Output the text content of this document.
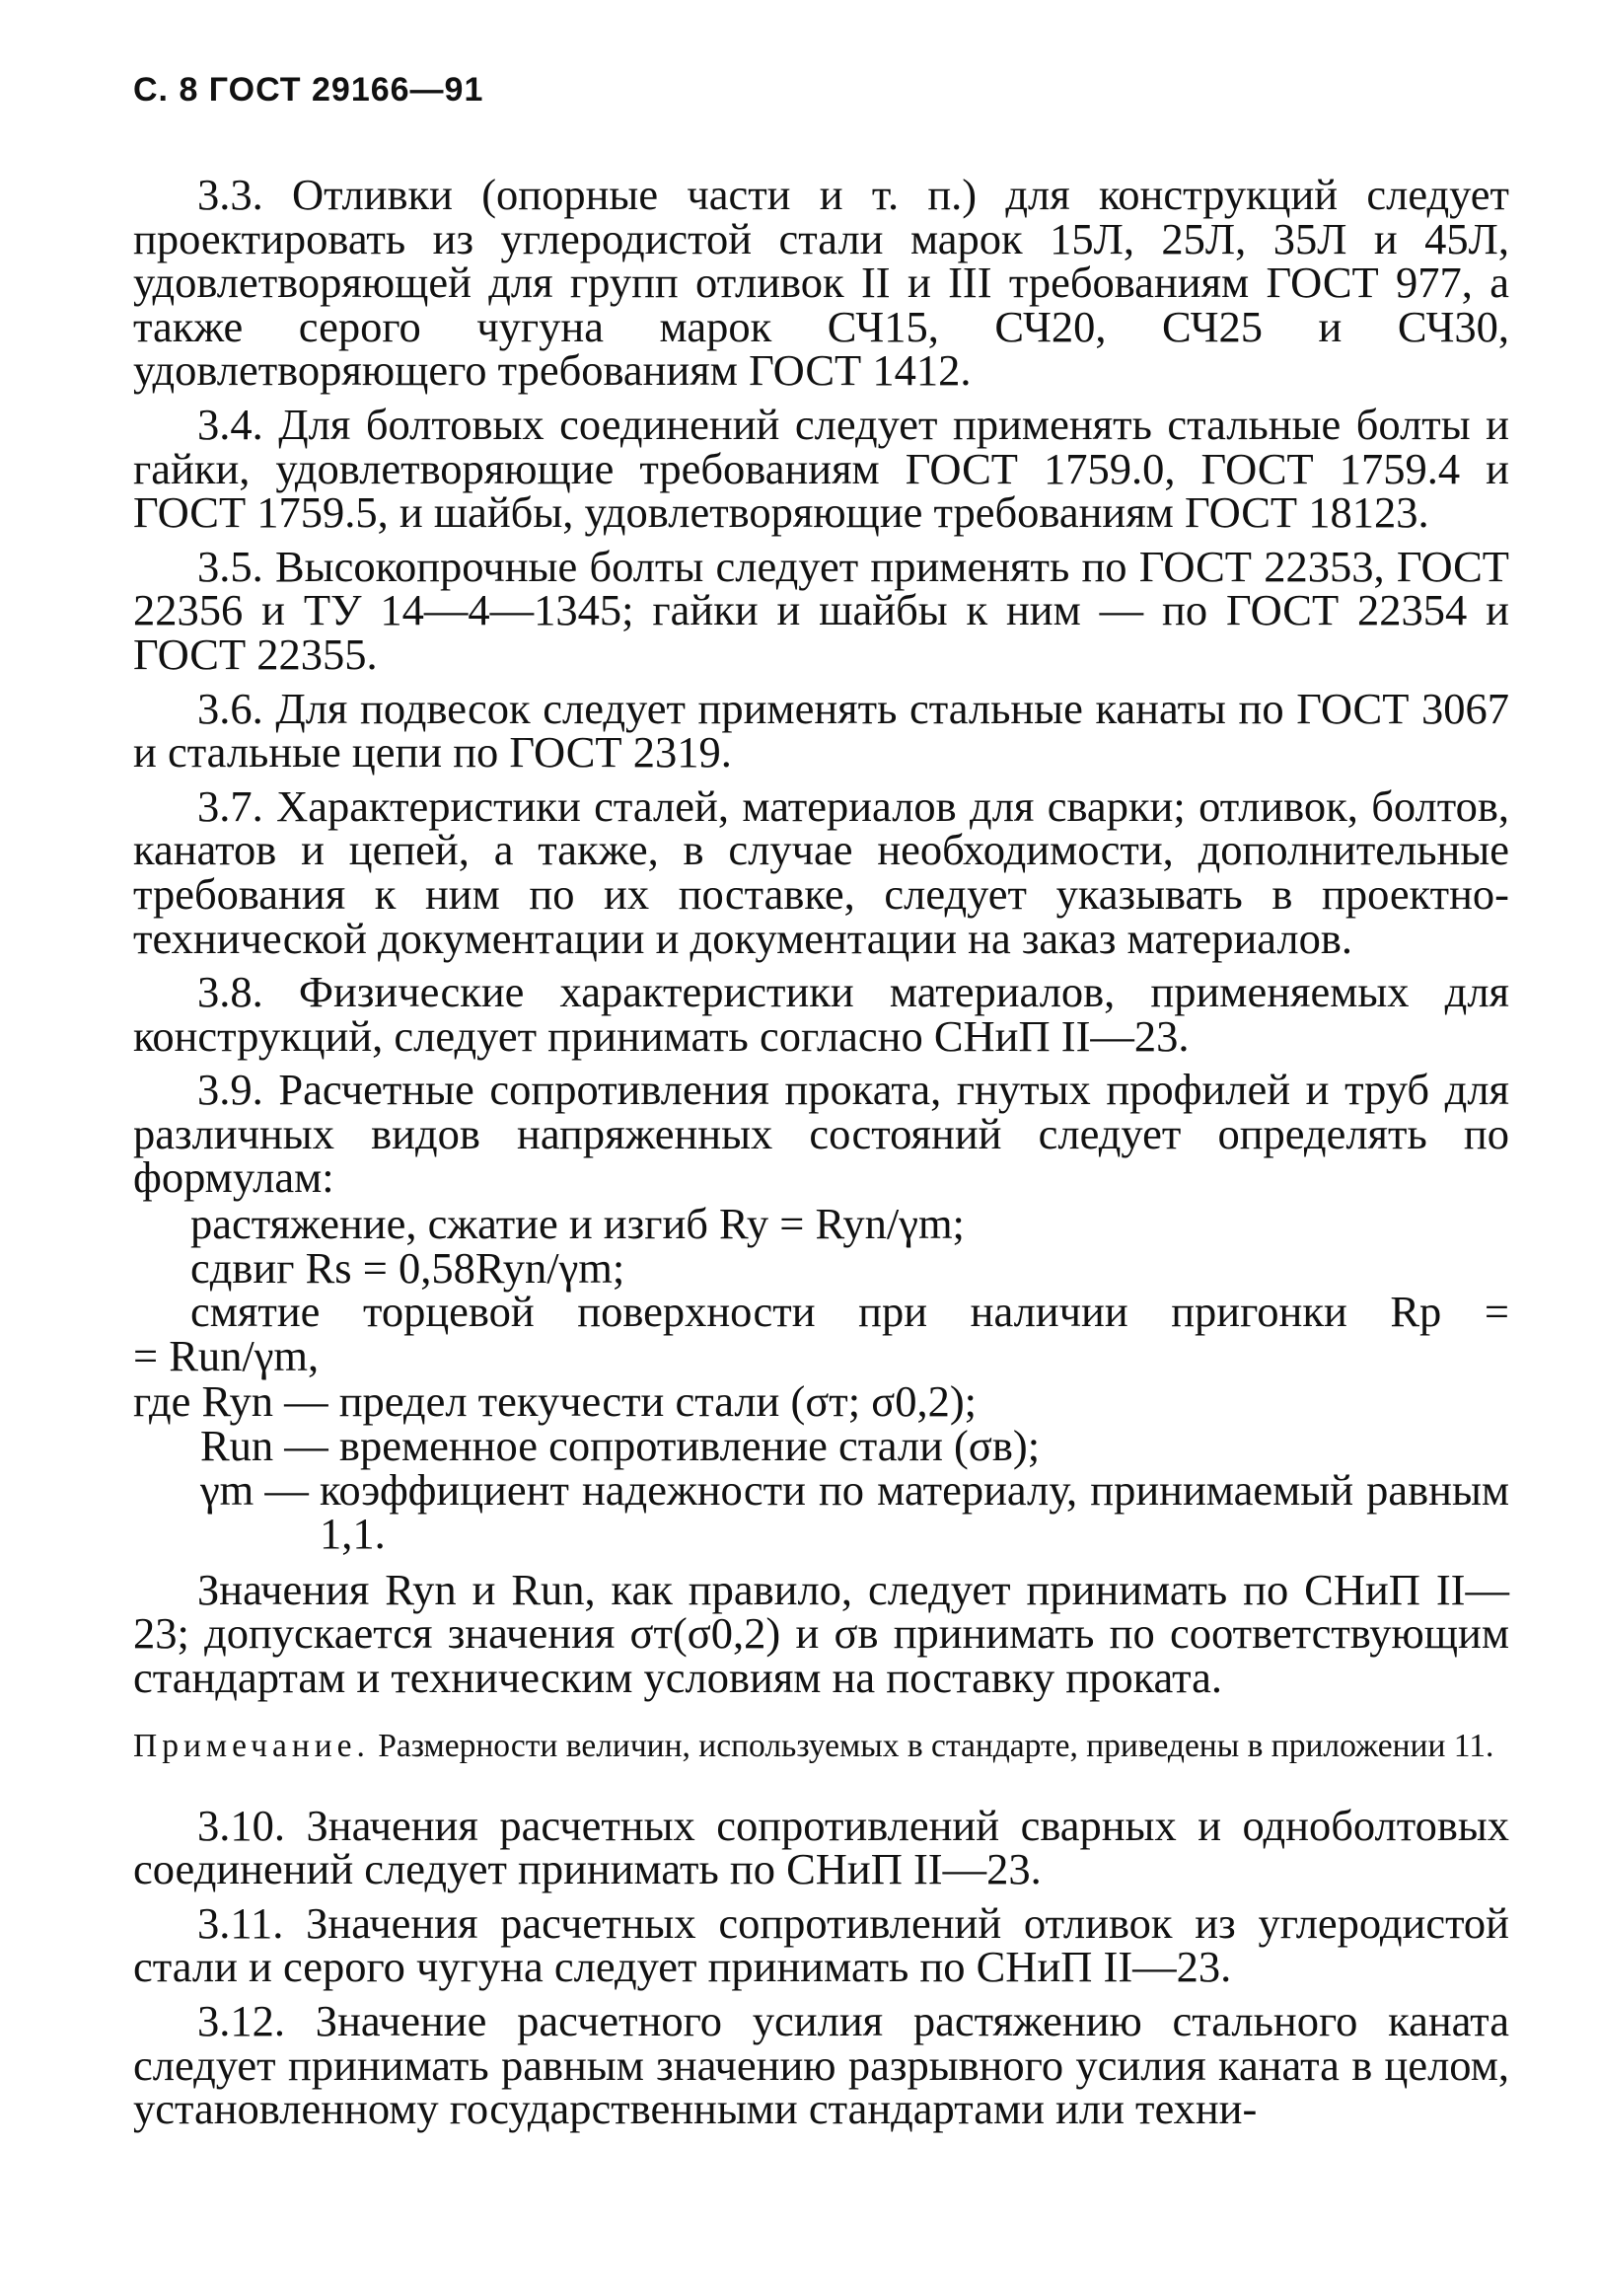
С. 8 ГОСТ 29166—91

3.3. Отливки (опорные части и т. п.) для конструкций следует проектировать из углеродистой стали марок 15Л, 25Л, 35Л и 45Л, удовлетворяющей для групп отливок II и III требованиям ГОСТ 977, а также серого чугуна марок СЧ15, СЧ20, СЧ25 и СЧ30, удовлетворяющего требованиям ГОСТ 1412.

3.4. Для болтовых соединений следует применять стальные болты и гайки, удовлетворяющие требованиям ГОСТ 1759.0, ГОСТ 1759.4 и ГОСТ 1759.5, и шайбы, удовлетворяющие требованиям ГОСТ 18123.

3.5. Высокопрочные болты следует применять по ГОСТ 22353, ГОСТ 22356 и ТУ 14—4—1345; гайки и шайбы к ним — по ГОСТ 22354 и ГОСТ 22355.

3.6. Для подвесок следует применять стальные канаты по ГОСТ 3067 и стальные цепи по ГОСТ 2319.

3.7. Характеристики сталей, материалов для сварки; отливок, болтов, канатов и цепей, а также, в случае необходимости, дополнительные требования к ним по их поставке, следует указывать в проектно-технической документации и документации на заказ материалов.

3.8. Физические характеристики материалов, применяемых для конструкций, следует принимать согласно СНиП II—23.

3.9. Расчетные сопротивления проката, гнутых профилей и труб для различных видов напряженных состояний следует определять по формулам:

растяжение, сжатие и изгиб Ry = Ryn/γm;
сдвиг Rs = 0,58Ryn/γm;
смятие торцевой поверхности при наличии пригонки Rp =
= Run/γm,
где Ryn — предел текучести стали (σт; σ0,2);
Run — временное сопротивление стали (σв);
γm — коэффициент надежности по материалу, принимаемый равным 1,1.

Значения Ryn и Run, как правило, следует принимать по СНиП II—23; допускается значения σт(σ0,2) и σв принимать по соответствующим стандартам и техническим условиям на поставку проката.

Примечание. Размерности величин, используемых в стандарте, приведены в приложении 11.

3.10. Значения расчетных сопротивлений сварных и одноболтовых соединений следует принимать по СНиП II—23.

3.11. Значения расчетных сопротивлений отливок из углеродистой стали и серого чугуна следует принимать по СНиП II—23.

3.12. Значение расчетного усилия растяжению стального каната следует принимать равным значению разрывного усилия каната в целом, установленному государственными стандартами или техни-
